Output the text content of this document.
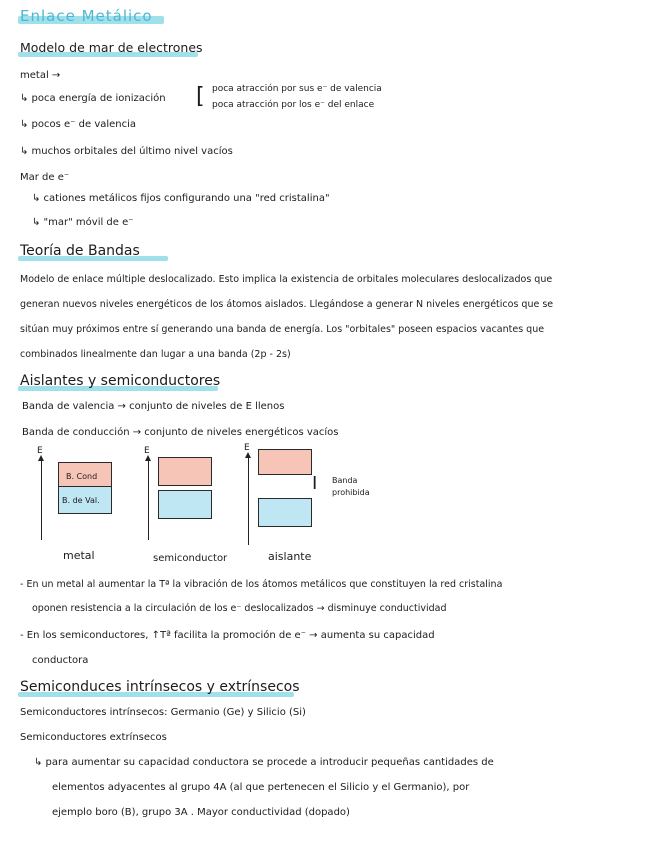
Enlace Metálico
Modelo de mar de electrones
metal →
↳ poca energía de ionización [ poca atracción por sus e⁻ de valencia
poca atracción por los e⁻ del enlace
↳ pocos e⁻ de valencia
↳ muchos orbitales del último nivel vacíos
Mar de e⁻
↳ cationes metálicos fijos configurando una "red cristalina"
↳ "mar" móvil de e⁻
Teoría de Bandas
Modelo de enlace múltiple deslocalizado. Esto implica la existencia de orbitales moleculares deslocalizados que
generan nuevos niveles energéticos de los átomos aislados. Llegándose a generar N niveles energéticos que se
sitúan muy próximos entre sí generando una banda de energía. Los "orbitales" poseen espacios vacantes que
combinados linealmente dan lugar a una banda (2p - 2s)
Aislantes y semiconductores
Banda de valencia → conjunto de niveles de E llenos
Banda de conducción → conjunto de niveles energéticos vacíos
E
B. Cond
B. de Val.
E	E
I Banda
prohibida
metal	semiconductor	aislante
- En un metal al aumentar la Tª la vibración de los átomos metálicos que constituyen la red cristalina
oponen resistencia a la circulación de los e⁻ deslocalizados → disminuye conductividad
- En los semiconductores, ↑Tª facilita la promoción de e⁻ → aumenta su capacidad
conductora
Semiconduces intrínsecos y extrínsecos
Semiconductores intrínsecos: Germanio (Ge) y Silicio (Si)
Semiconductores extrínsecos
↳ para aumentar su capacidad conductora se procede a introducir pequeñas cantidades de
elementos adyacentes al grupo 4A (al que pertenecen el Silicio y el Germanio), por
ejemplo boro (B), grupo 3A . Mayor conductividad (dopado)
